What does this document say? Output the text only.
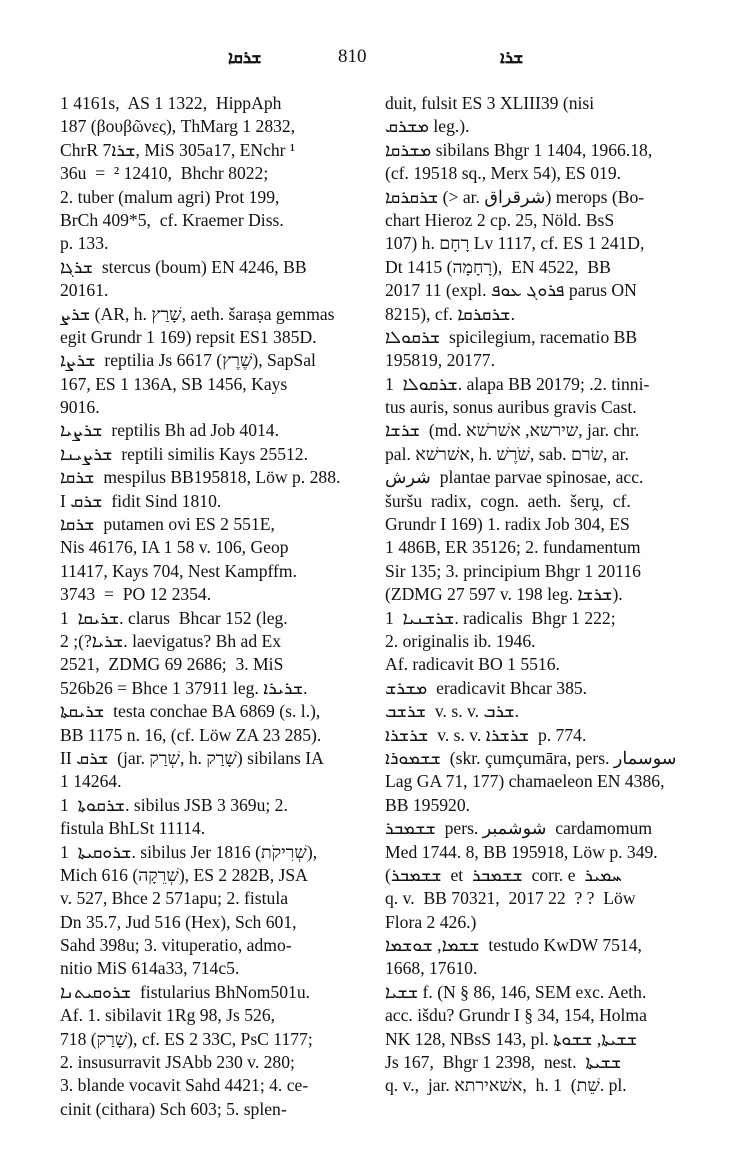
ܫܪܩܐ	810	ܫܪܐ
1 4161s,  AS 1 1322,  HippAph
187 (βουβῶνες), ThMarg 1 2832,
ChrR ܫܪܐ7, MiS 305a17, ENchr ¹
36u  =  ² 12410,  Bhchr 8022;
2. tuber (malum agri) Prot 199,
BrCh 409*5,  cf. Kraemer Diss.
p. 133.
ܫܪܓܐ  stercus (boum) EN 4246, BB
20161.
ܫܪܨ (AR, h. שָׁרַץ, aeth. šaraṣa gemmas
egit Grundr 1 169) repsit ES1 385D.
ܫܪܨܐ  reptilia Js 6617 (שֶׁרֶץ), SapSal
167, ES 1 136A, SB 1456, Kays
9016.
ܫܪܨܝܐ  reptilis Bh ad Job 4014.
ܫܪܨܝܢܐ  reptili similis Kays 25512.
ܫܪܩܐ  mespilus BB195818, Löw p. 288.
I ܫܪܩ  fidit Sind 1810.
ܫܪܩܐ  putamen ovi ES 2 551E,
Nis 46176, IA 1 58 v. 106, Geop
11417, Kays 704, Nest Kampffm.
3743  =  PO 12 2354.
ܫܪܝܩܐ  1. clarus  Bhcar 152 (leg.
ܫܪܝܐ?); 2. laevigatus? Bh ad Ex
2521,  ZDMG 69 2686;  3. MiS
526b26 = Bhce 1 37911 leg. ܫܪܝܪܐ.
ܫܪܝܩܬܐ  testa conchae BA 6869 (s. l.),
BB 1175 n. 16, (cf. Löw ZA 23 285).
II ܫܪܩ  (jar. שְׁרַק, h. שָׁרַק) sibilans IA
1 14264.
ܫܪܩܘܬܐ  1. sibilus JSB 3 369u; 2.
fistula BhLSt 11114.
ܫܪܘܩܝܬܐ  1. sibilus Jer 1816 (שְׁרִיקֹת),
Mich 616 (שְׁרֵקָה), ES 2 282B, JSA
v. 527, Bhce 2 571apu; 2. fistula
Dn 35.7, Jud 516 (Hex), Sch 601,
Sahd 398u; 3. vituperatio, admo-
nitio MiS 614a33, 714c5.
ܫܪܘܩܝܬܢܐ  fistularius BhNom501u.
Af. 1. sibilavit 1Rg 98, Js 526,
718 (שָׁרַק), cf. ES 2 33C, PsC 1177;
2. insusurravit JSAbb 230 v. 280;
3. blande vocavit Sahd 4421; 4. ce-
cinit (cithara) Sch 603; 5. splen-
duit, fulsit ES 3 XLIII39 (nisi
ܡܫܪܩ leg.).
ܡܫܪܩܐ sibilans Bhgr 1 1404, 1966.18,
(cf. 19518 sq., Merx 54), ES 019.
ܫܪܩܪܩܐ (> ar. شرقراق) merops (Bo-
chart Hieroz 2 cp. 25, Nöld. BsS
107) h. רָחָם Lv 1117, cf. ES 1 241D,
Dt 1415 (רָחָמָה),  EN 4522,  BB
2017 11 (expl. ܦܪܘܓ ܥܘܦ parus ON
8215), cf. ܫܪܩܪܩܐ.
ܫܪܩܘܠܐ  spicilegium, racematio BB
195819, 20177.
ܫܪܩܘܠܐ  1. alapa BB 20179; .2. tinni-
tus auris, sonus auribus gravis Cast.
ܫܪܫܐ  (md. שירשא, אשׁרשׁא, jar. chr.
pal. אשׁרשׁא, h. שֹׁרֶשׁ, sab. שׂרם, ar.
شرش  plantae parvae spinosae, acc.
šuršu  radix,  cogn.  aeth.  šerṷ,  cf.
Grundr I 169) 1. radix Job 304, ES
1 486B, ER 35126; 2. fundamentum
Sir 135; 3. principium Bhgr 1 20116
(ZDMG 27 597 v. 198 leg. ܫܪܫܐ).
ܫܪܫܢܝܐ  1. radicalis  Bhgr 1 222;
2. originalis ib. 1946.
Af. radicavit BO 1 5516.
ܡܫܪܫ  eradicavit Bhcar 385.
ܫܪܫܒ  v. s. v. ܫܪܒ.
ܫܪܫܪܐ  v. s. v. ܫܪܫܪܐ  p. 774.
ܫܫܡܘܪܐ  (skr. çumçumāra, pers. سوسمار
Lag GA 71, 177) chamaeleon EN 4386,
BB 195920.
ܫܫܡܒܪ  pers. شوشمبر  cardamomum
Med 1744. 8, BB 195918, Löw p. 349.
(ܫܫܡܒܪ  et  ܫܫܡܒܪ  corr. e  ܚܡܝܪ
q. v.  BB 70321,  2017 22  ? ?  Löw
Flora 2 426.)
ܫܫܡܐ, ܫܘܫܡܐ  testudo KwDW 7514,
1668, 17610.
ܫܫܝܐ f. (N § 86, 146, SEM exc. Aeth.
acc. išdu? Grundr I § 34, 154, Holma
NK 128, NBsS 143, pl. ܫܫܝܬܐ, ܫܫܘܬܐ
Js 167,  Bhgr 1 2398,  nest.  ܫܫܝܬܐ
q. v.,  jar. אשׁאירתא,  h. שֵׁת)  1. pl.
